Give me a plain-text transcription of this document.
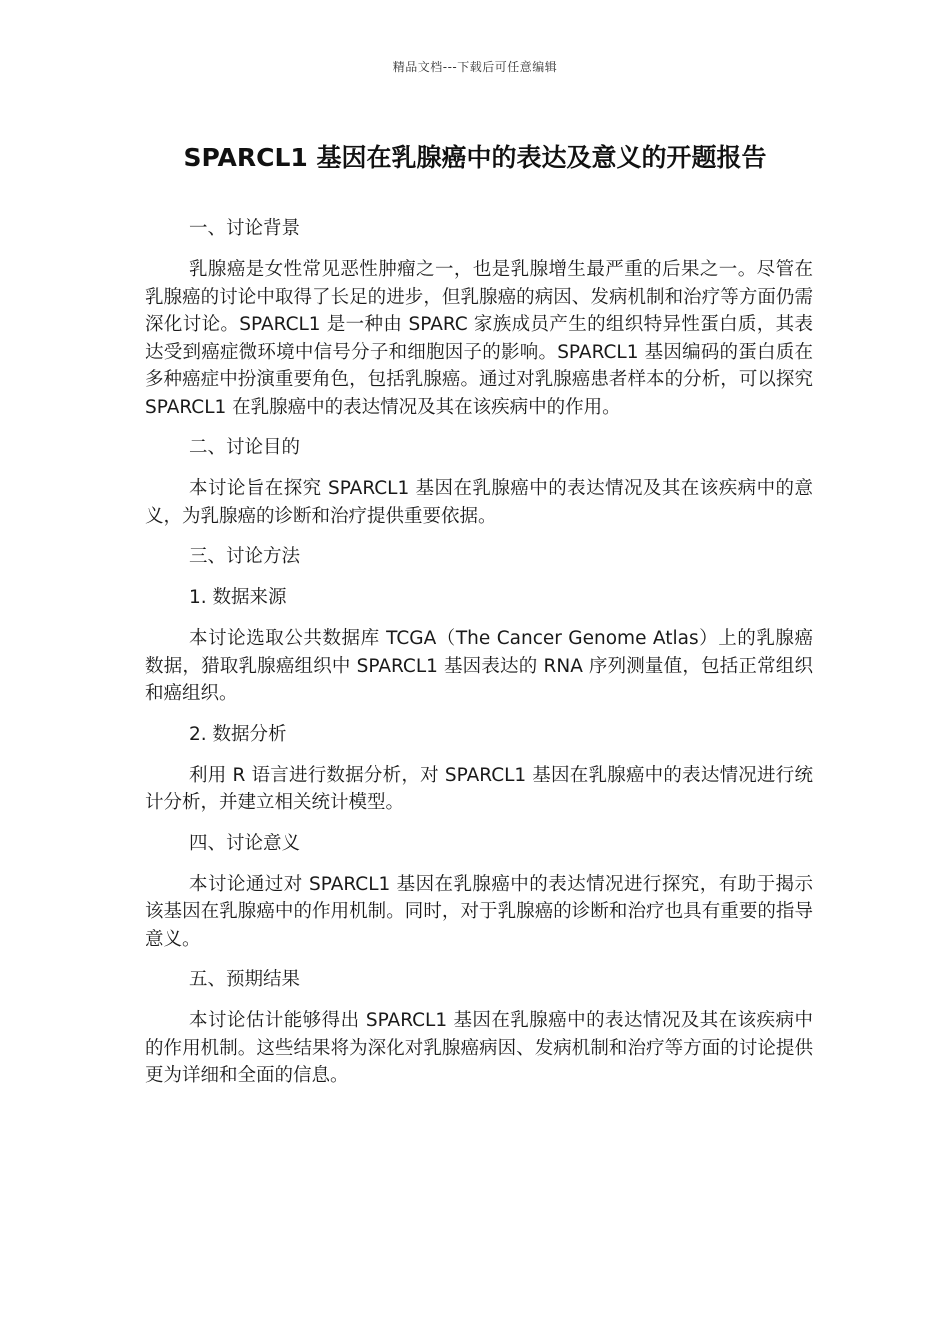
精品文档---下载后可任意编辑
SPARCL1 基因在乳腺癌中的表达及意义的开题报告

一、讨论背景

乳腺癌是女性常见恶性肿瘤之一，也是乳腺增生最严重的后果之一。尽管在乳腺癌的讨论中取得了长足的进步，但乳腺癌的病因、发病机制和治疗等方面仍需深化讨论。SPARCL1 是一种由 SPARC 家族成员产生的组织特异性蛋白质，其表达受到癌症微环境中信号分子和细胞因子的影响。SPARCL1 基因编码的蛋白质在多种癌症中扮演重要角色，包括乳腺癌。通过对乳腺癌患者样本的分析，可以探究 SPARCL1 在乳腺癌中的表达情况及其在该疾病中的作用。

二、讨论目的

本讨论旨在探究 SPARCL1 基因在乳腺癌中的表达情况及其在该疾病中的意义，为乳腺癌的诊断和治疗提供重要依据。

三、讨论方法

1. 数据来源

本讨论选取公共数据库 TCGA（The Cancer Genome Atlas）上的乳腺癌数据，猎取乳腺癌组织中 SPARCL1 基因表达的 RNA 序列测量值，包括正常组织和癌组织。

2. 数据分析

利用 R 语言进行数据分析，对 SPARCL1 基因在乳腺癌中的表达情况进行统计分析，并建立相关统计模型。

四、讨论意义

本讨论通过对 SPARCL1 基因在乳腺癌中的表达情况进行探究，有助于揭示该基因在乳腺癌中的作用机制。同时，对于乳腺癌的诊断和治疗也具有重要的指导意义。

五、预期结果

本讨论估计能够得出 SPARCL1 基因在乳腺癌中的表达情况及其在该疾病中的作用机制。这些结果将为深化对乳腺癌病因、发病机制和治疗等方面的讨论提供更为详细和全面的信息。
